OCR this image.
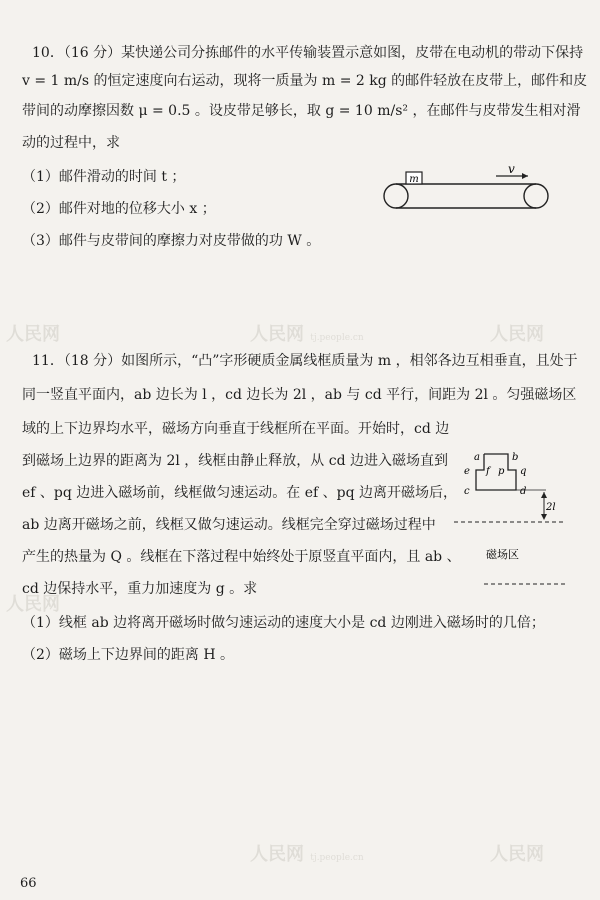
人民网	人民网 tj.people.cn	人民网
人民网
人民网 tj.people.cn	人民网
10．（16 分）某快递公司分拣邮件的水平传输装置示意如图，皮带在电动机的带动下保持
v = 1 m/s 的恒定速度向右运动，现将一质量为 m = 2 kg 的邮件轻放在皮带上，邮件和皮
带间的动摩擦因数 μ = 0.5 。设皮带足够长，取 g = 10 m/s² ，在邮件与皮带发生相对滑
动的过程中，求
（1）邮件滑动的时间 t ；
（2）邮件对地的位移大小 x ；
（3）邮件与皮带间的摩擦力对皮带做的功 W 。
m
v
11．（18 分）如图所示，“凸”字形硬质金属线框质量为 m ，相邻各边互相垂直，且处于
同一竖直平面内，ab 边长为 l ，cd 边长为 2l ，ab 与 cd 平行，间距为 2l 。匀强磁场区
域的上下边界均水平，磁场方向垂直于线框所在平面。开始时，cd 边
到磁场上边界的距离为 2l ，线框由静止释放，从 cd 边进入磁场直到
ef 、pq 边进入磁场前，线框做匀速运动。在 ef 、pq 边离开磁场后，
ab 边离开磁场之前，线框又做匀速运动。线框完全穿过磁场过程中
产生的热量为 Q 。线框在下落过程中始终处于原竖直平面内，且 ab 、
cd 边保持水平，重力加速度为 g 。求
（1）线框 ab 边将离开磁场时做匀速运动的速度大小是 cd 边刚进入磁场时的几倍；
（2）磁场上下边界间的距离 H 。
a	b
e f p q
c	d
2l
磁场区
66
